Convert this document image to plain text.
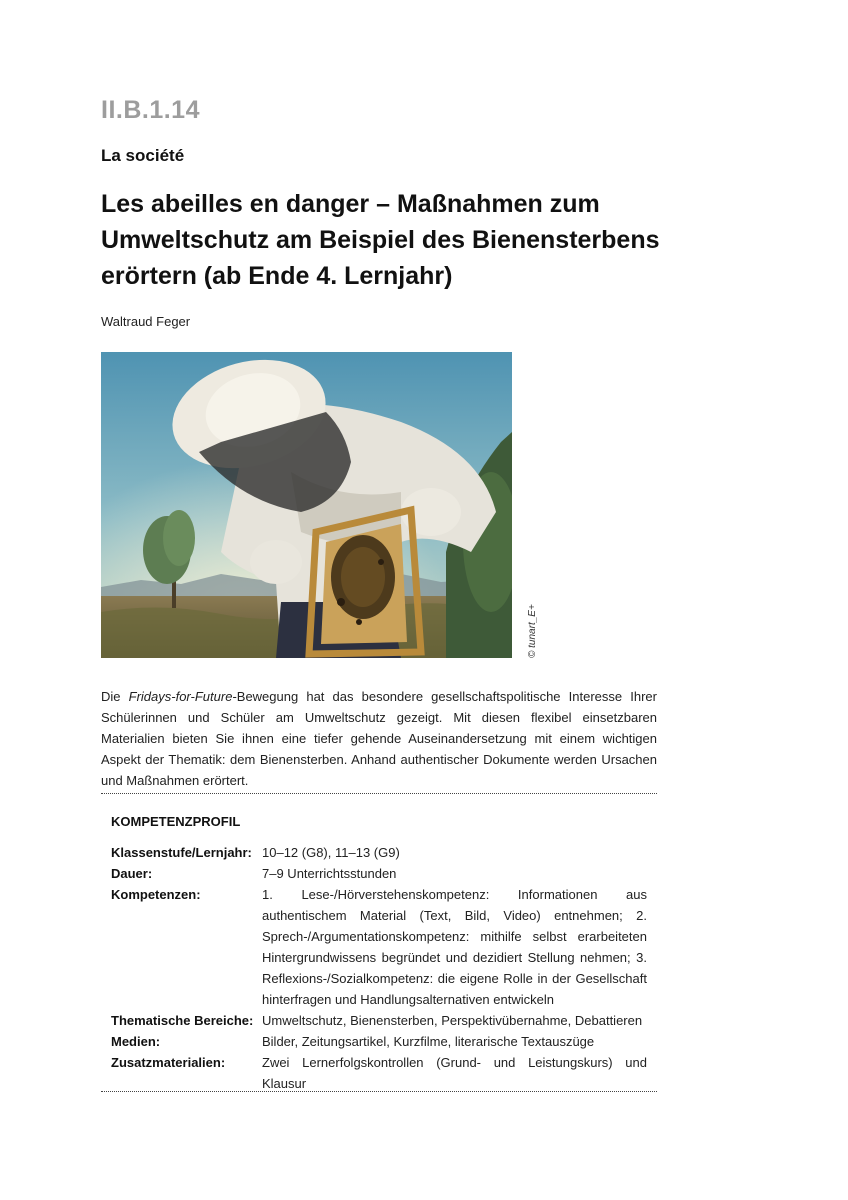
II.B.1.14
La société
Les abeilles en danger – Maßnahmen zum Umweltschutz am Beispiel des Bienensterbens erörtern (ab Ende 4. Lernjahr)
Waltraud Feger
© tunart_E+

Die Fridays-for-Future-Bewegung hat das besondere gesellschaftspolitische Interesse Ihrer Schülerinnen und Schüler am Umweltschutz gezeigt. Mit diesen flexibel einsetzbaren Materialien bieten Sie ihnen eine tiefer gehende Auseinandersetzung mit einem wichtigen Aspekt der Thematik: dem Bienensterben. Anhand authentischer Dokumente werden Ursachen und Maßnahmen erörtert.

KOMPETENZPROFIL
Klassenstufe/Lernjahr: 10–12 (G8), 11–13 (G9)
Dauer:	7–9 Unterrichtsstunden
Kompetenzen:	1. Lese-/Hörverstehenskompetenz: Informationen aus authentischem Material (Text, Bild, Video) entnehmen; 2. Sprech-/Argumentationskompetenz: mithilfe selbst erarbeiteten Hintergrundwissens begründet und dezidiert Stellung nehmen; 3. Reflexions-/Sozialkompetenz: die eigene Rolle in der Gesellschaft hinterfragen und Handlungsalternativen entwickeln
Thematische Bereiche: Umweltschutz, Bienensterben, Perspektivübernahme, Debattieren
Medien:	Bilder, Zeitungsartikel, Kurzfilme, literarische Textauszüge
Zusatzmaterialien:	Zwei Lernerfolgskontrollen (Grund- und Leistungskurs) und Klausur
